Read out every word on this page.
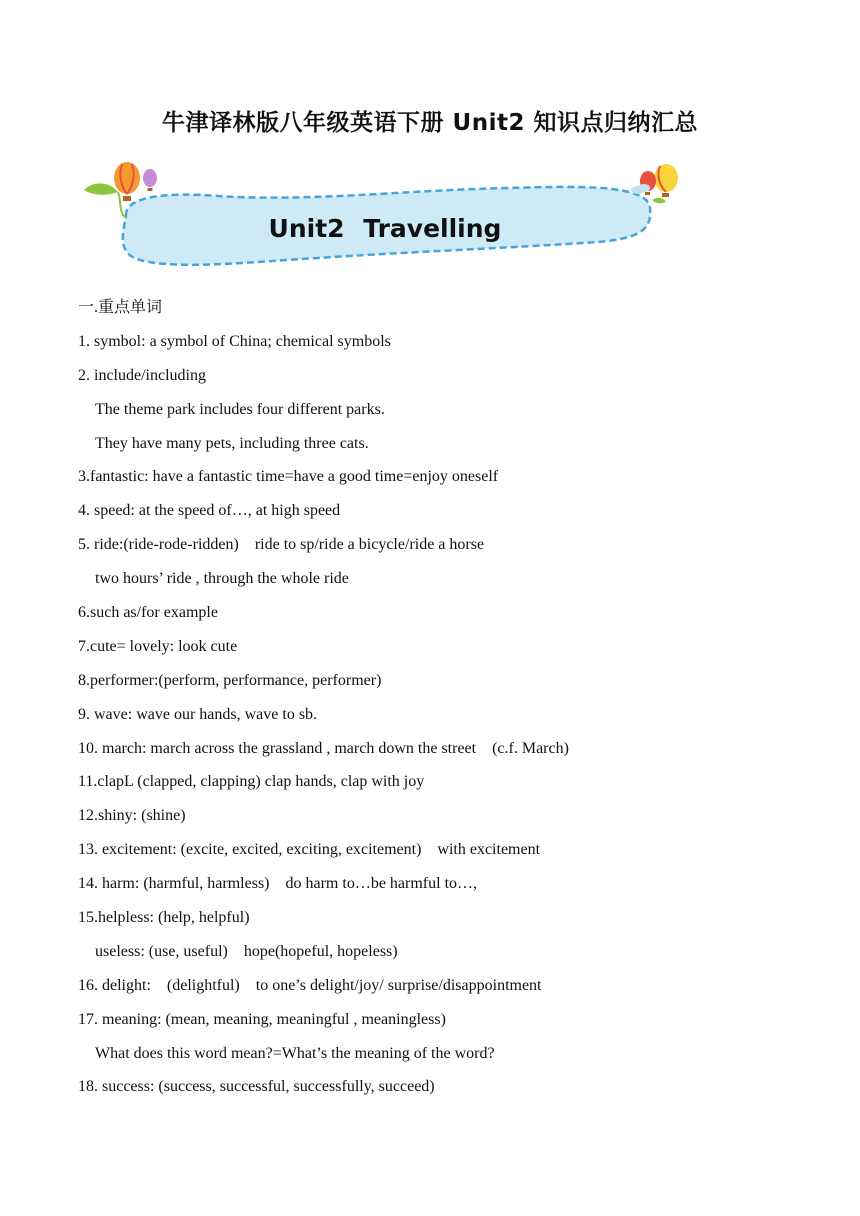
牛津译林版八年级英语下册 Unit2 知识点归纳汇总
Unit2 Travelling
一.重点单词
1. symbol: a symbol of China; chemical symbols
2. include/including
The theme park includes four different parks.
They have many pets, including three cats.
3.fantastic: have a fantastic time=have a good time=enjoy oneself
4. speed: at the speed of…, at high speed
5. ride:(ride-rode-ridden)    ride to sp/ride a bicycle/ride a horse
two hours’ ride , through the whole ride
6.such as/for example
7.cute= lovely: look cute
8.performer:(perform, performance, performer)
9. wave: wave our hands, wave to sb.
10. march: march across the grassland , march down the street    (c.f. March)
11.clapL (clapped, clapping) clap hands, clap with joy
12.shiny: (shine)
13. excitement: (excite, excited, exciting, excitement)    with excitement
14. harm: (harmful, harmless)    do harm to…be harmful to…,
15.helpless: (help, helpful)
useless: (use, useful)    hope(hopeful, hopeless)
16. delight:    (delightful)    to one’s delight/joy/ surprise/disappointment
17. meaning: (mean, meaning, meaningful , meaningless)
What does this word mean?=What’s the meaning of the word?
18. success: (success, successful, successfully, succeed)
